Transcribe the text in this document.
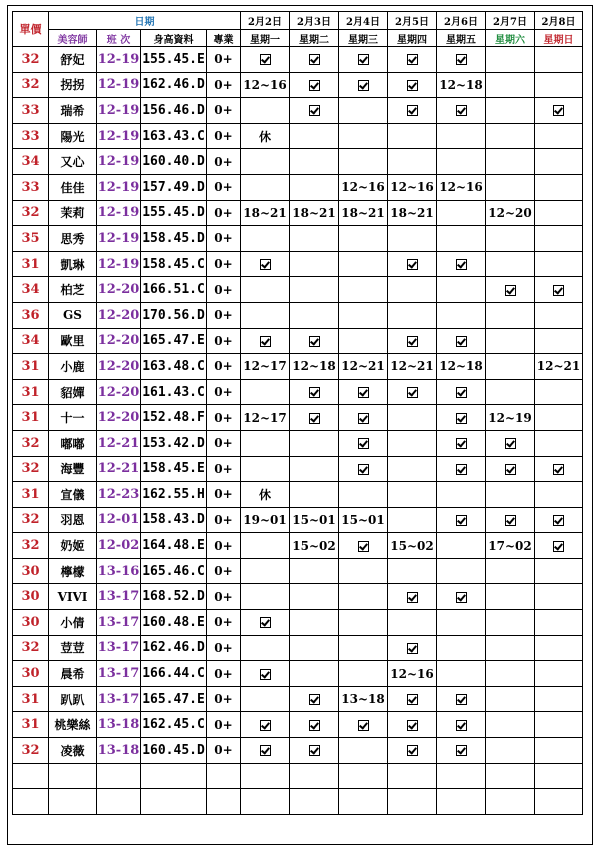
單價	日期				2月2日	2月3日	2月4日	2月5日	2月6日	2月7日	2月8日
	美容師	班 次	身高資料	專業	星期一	星期二	星期三	星期四	星期五	星期六	星期日
32	舒妃	12-19	155.45.E	0+							
32	拐拐	12-19	162.46.D	0+	12~16				12~18		
33	瑞希	12-19	156.46.D	0+							
33	陽光	12-19	163.43.C	0+	休						
34	又心	12-19	160.40.D	0+							
33	佳佳	12-19	157.49.D	0+			12~16	12~16	12~16		
32	茉莉	12-19	155.45.D	0+	18~21	18~21	18~21	18~21		12~20	
35	思秀	12-19	158.45.D	0+							
31	凱琳	12-19	158.45.C	0+							
34	柏芝	12-20	166.51.C	0+							
36	GS	12-20	170.56.D	0+							
34	歐里	12-20	165.47.E	0+							
31	小鹿	12-20	163.48.C	0+	12~17	12~18	12~21	12~21	12~18		12~21
31	貂嬋	12-20	161.43.C	0+							
31	十一	12-20	152.48.F	0+	12~17					12~19	
32	嘟嘟	12-21	153.42.D	0+							
32	海豐	12-21	158.45.E	0+							
31	宣儀	12-23	162.55.H	0+	休						
32	羽恩	12-01	158.43.D	0+	19~01	15~01	15~01				
32	奶姬	12-02	164.48.E	0+		15~02		15~02		17~02	
30	檸檬	13-16	165.46.C	0+							
30	VIVI	13-17	168.52.D	0+							
30	小倩	13-17	160.48.E	0+							
32	荳荳	13-17	162.46.D	0+							
30	晨希	13-17	166.44.C	0+				12~16			
31	趴趴	13-17	165.47.E	0+			13~18				
31	桃樂絲	13-18	162.45.C	0+							
32	凌薇	13-18	160.45.D	0+							
